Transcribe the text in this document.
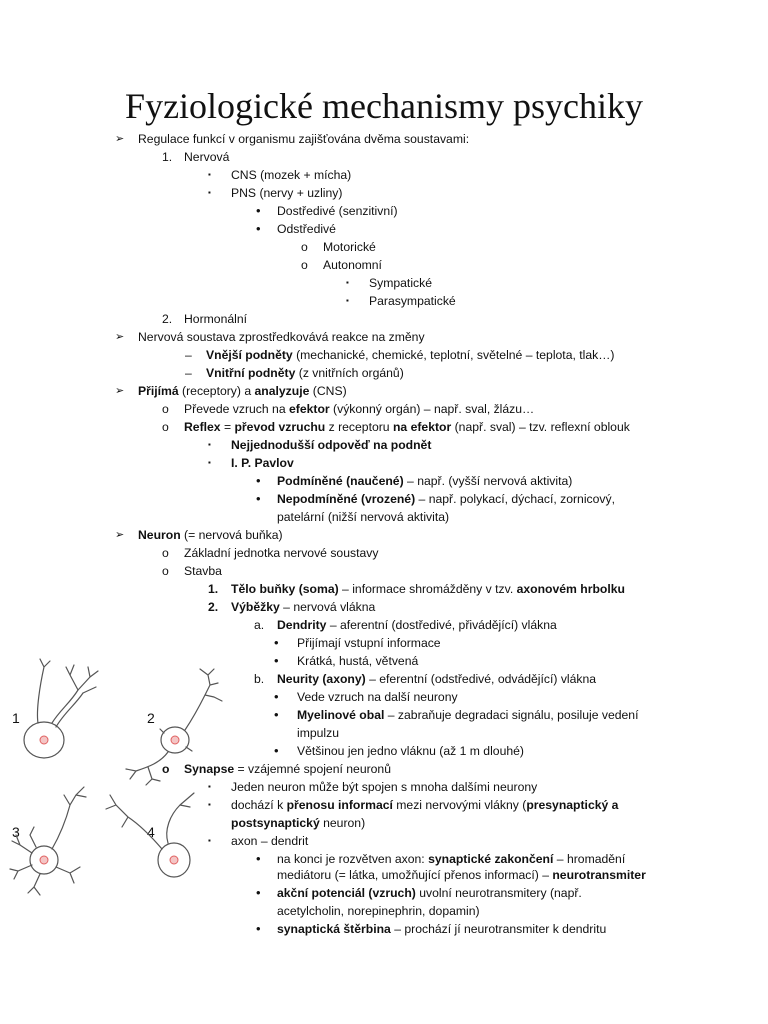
Fyziologické mechanismy psychiky
➢ Regulace funkcí v organismu zajišťována dvěma soustavami:
1. Nervová
▪ CNS (mozek + mícha)
▪ PNS (nervy + uzliny)
• Dostředivé (senzitivní)
• Odstředivé
o Motorické
o Autonomní
▪ Sympatické
▪ Parasympatické
2. Hormonální
➢ Nervová soustava zprostředkovává reakce na změny
– Vnější podněty (mechanické, chemické, teplotní, světelné – teplota, tlak…)
– Vnitřní podněty (z vnitřních orgánů)
➢ Přijímá (receptory) a analyzuje (CNS)
o Převede vzruch na efektor (výkonný orgán) – např. sval, žlázu…
o Reflex = převod vzruchu z receptoru na efektor (např. sval) – tzv. reflexní oblouk
▪ Nejjednodušší odpověď na podnět
▪ I. P. Pavlov
• Podmíněné (naučené) – např. (vyšší nervová aktivita)
• Nepodmíněné (vrozené) – např. polykací, dýchací, zornicový,
patelární (nižší nervová aktivita)
➢ Neuron (= nervová buňka)
o Základní jednotka nervové soustavy
o Stavba
1. Tělo buňky (soma) – informace shromážděny v tzv. axonovém hrbolku
2. Výběžky – nervová vlákna
a. Dendrity – aferentní (dostředivé, přivádějící) vlákna
• Přijímají vstupní informace
• Krátká, hustá, větvená
b. Neurity (axony) – eferentní (odstředivé, odvádějící) vlákna
• Vede vzruch na další neurony
• Myelinové obal – zabraňuje degradaci signálu, posiluje vedení
impulzu
• Většinou jen jedno vláknu (až 1 m dlouhé)
o Synapse = vzájemné spojení neuronů
▪ Jeden neuron může být spojen s mnoha dalšími neurony
▪ dochází k přenosu informací mezi nervovými vlákny (presynaptický a
postsynaptický neuron)
▪ axon – dendrit
• na konci je rozvětven axon: synaptické zakončení – hromadění
mediátoru (= látka, umožňující přenos informací) – neurotransmiter
• akční potenciál (vzruch) uvolní neurotransmitery (např.
acetylcholin, norepinephrin, dopamin)
• synaptická štěrbina – prochází jí neurotransmiter k dendritu
1	2
3	4
